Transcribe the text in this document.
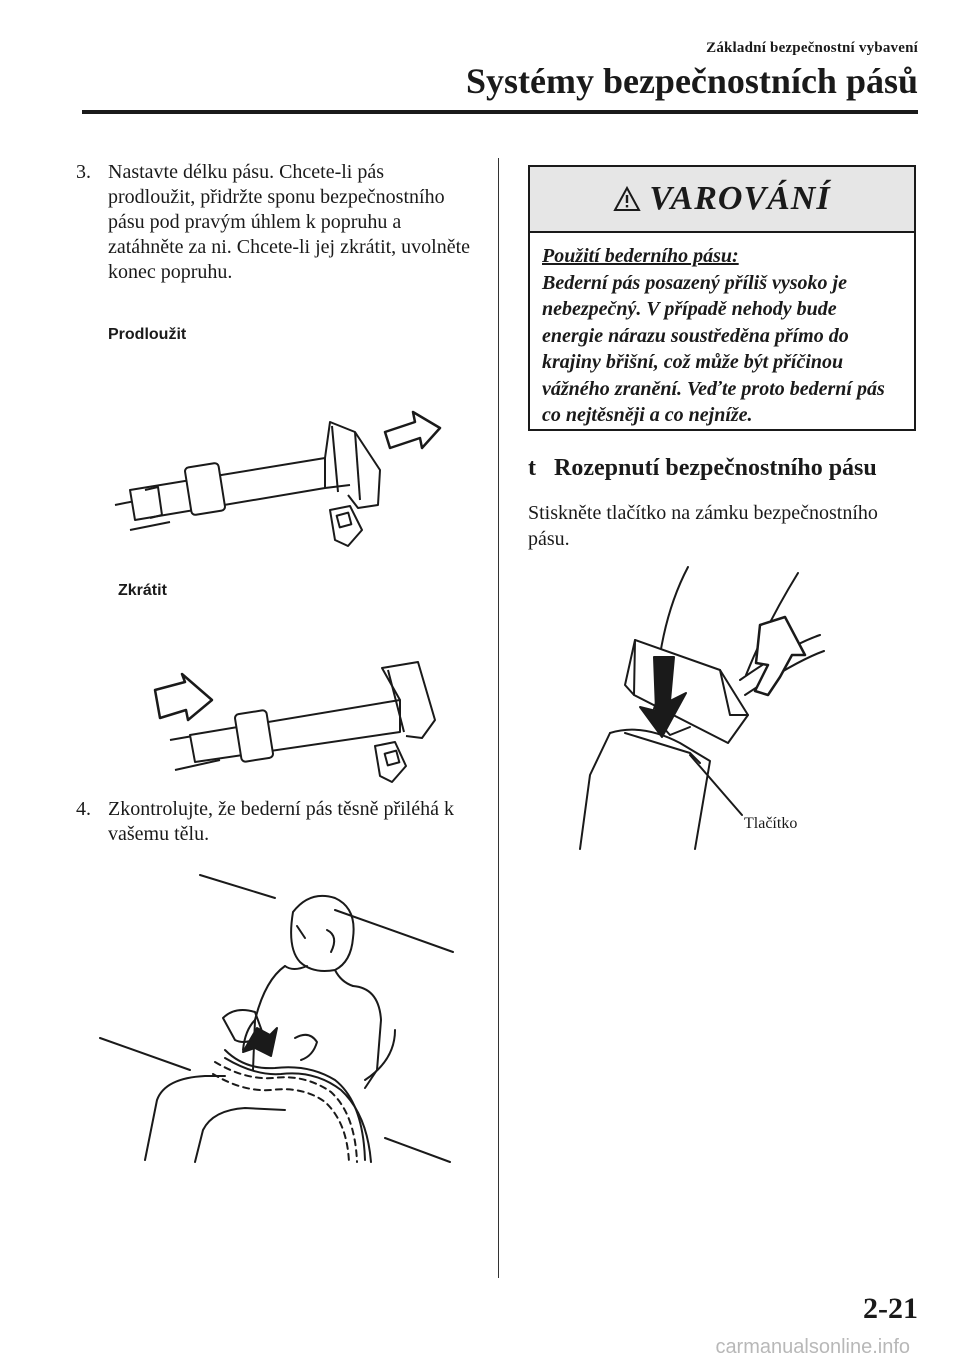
Základní bezpečnostní vybavení
Systémy bezpečnostních pásů
3. Nastavte délku pásu. Chcete-li pás prodloužit, přidržte sponu bezpečnostního pásu pod pravým úhlem k popruhu a zatáhněte za ni. Chcete-li jej zkrátit, uvolněte konec popruhu.
Prodloužit
Zkrátit
4. Zkontrolujte, že bederní pás těsně přiléhá k vašemu tělu.
VAROVÁNÍ
Použití bederního pásu:
Bederní pás posazený příliš vysoko je nebezpečný. V případě nehody bude energie nárazu soustředěna přímo do krajiny břišní, což může být příčinou vážného zranění. Veďte proto bederní pás co nejtěsněji a co nejníže.
t Rozepnutí bezpečnostního pásu
Stiskněte tlačítko na zámku bezpečnostního pásu.
Tlačítko
2-21
carmanualsonline.info
